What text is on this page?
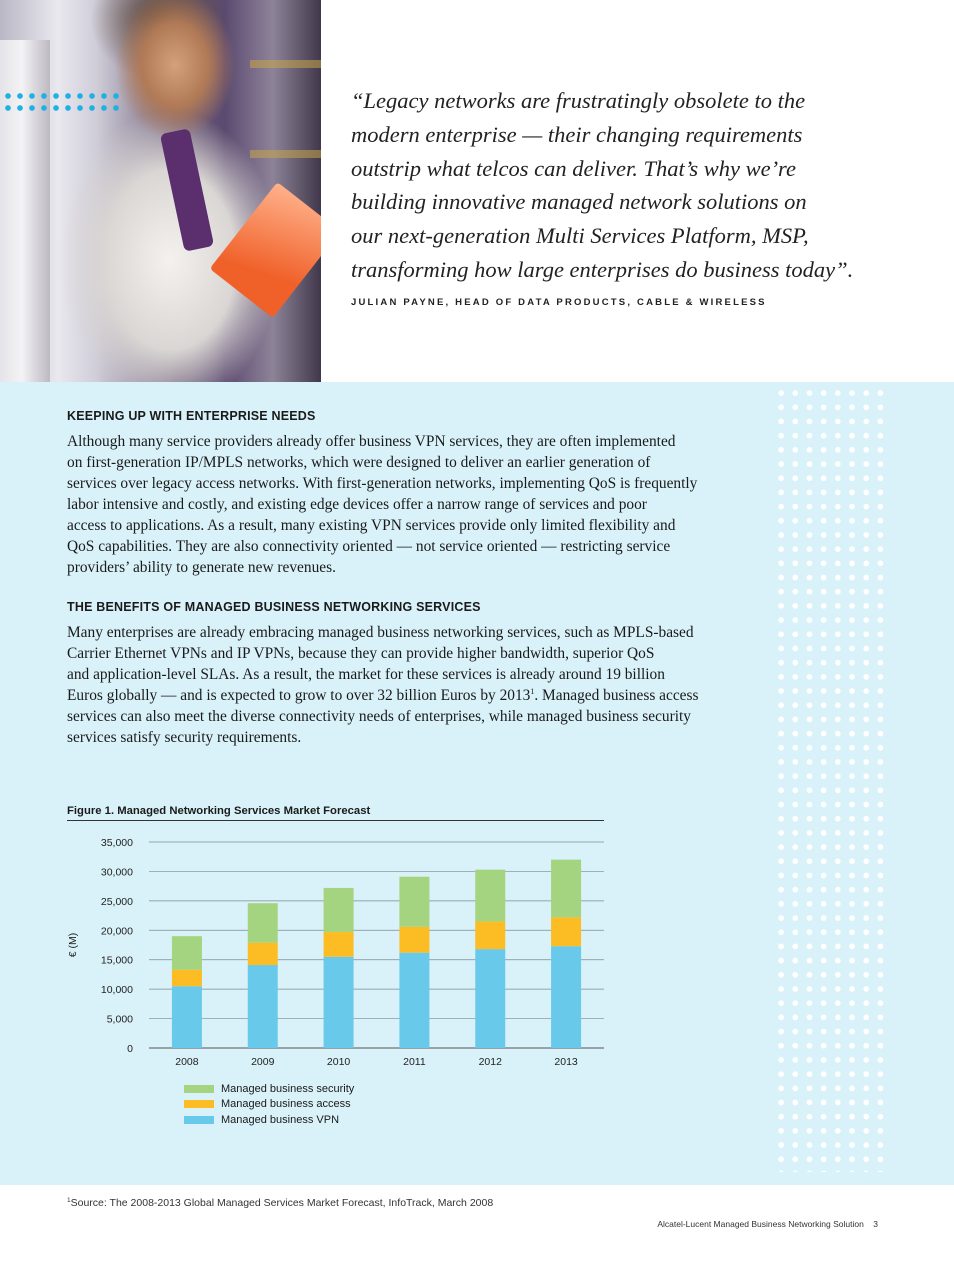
“Legacy networks are frustratingly obsolete to the
modern enterprise — their changing requirements
outstrip what telcos can deliver. That’s why we’re
building innovative managed network solutions on
our next-generation Multi Services Platform, MSP,
transforming how large enterprises do business today”.
JULIAN PAYNE, HEAD OF DATA PRODUCTS, CABLE & WIRELESS
KEEPING UP WITH ENTERPRISE NEEDS
Although many service providers already offer business VPN services, they are often implemented
on first-generation IP/MPLS networks, which were designed to deliver an earlier generation of
services over legacy access networks. With first-generation networks, implementing QoS is frequently
labor intensive and costly, and existing edge devices offer a narrow range of services and poor
access to applications. As a result, many existing VPN services provide only limited flexibility and
QoS capabilities. They are also connectivity oriented — not service oriented — restricting service
providers’ ability to generate new revenues.
THE BENEFITS OF MANAGED BUSINESS NETWORKING SERVICES
Many enterprises are already embracing managed business networking services, such as MPLS-based
Carrier Ethernet VPNs and IP VPNs, because they can provide higher bandwidth, superior QoS
and application-level SLAs. As a result, the market for these services is already around 19 billion
Euros globally — and is expected to grow to over 32 billion Euros by 2013$^1$. Managed business access
services can also meet the diverse connectivity needs of enterprises, while managed business security
services satisfy security requirements.
Figure 1. Managed Networking Services Market Forecast
0
5,000
10,000
15,000
20,000
25,000
30,000
35,000
€ (M)
2008	2009	2010	2011	2012	2013
Managed business security
Managed business access
Managed business VPN
$^1$Source: The 2008-2013 Global Managed Services Market Forecast, InfoTrack, March 2008
Alcatel-Lucent Managed Business Networking Solution 3
